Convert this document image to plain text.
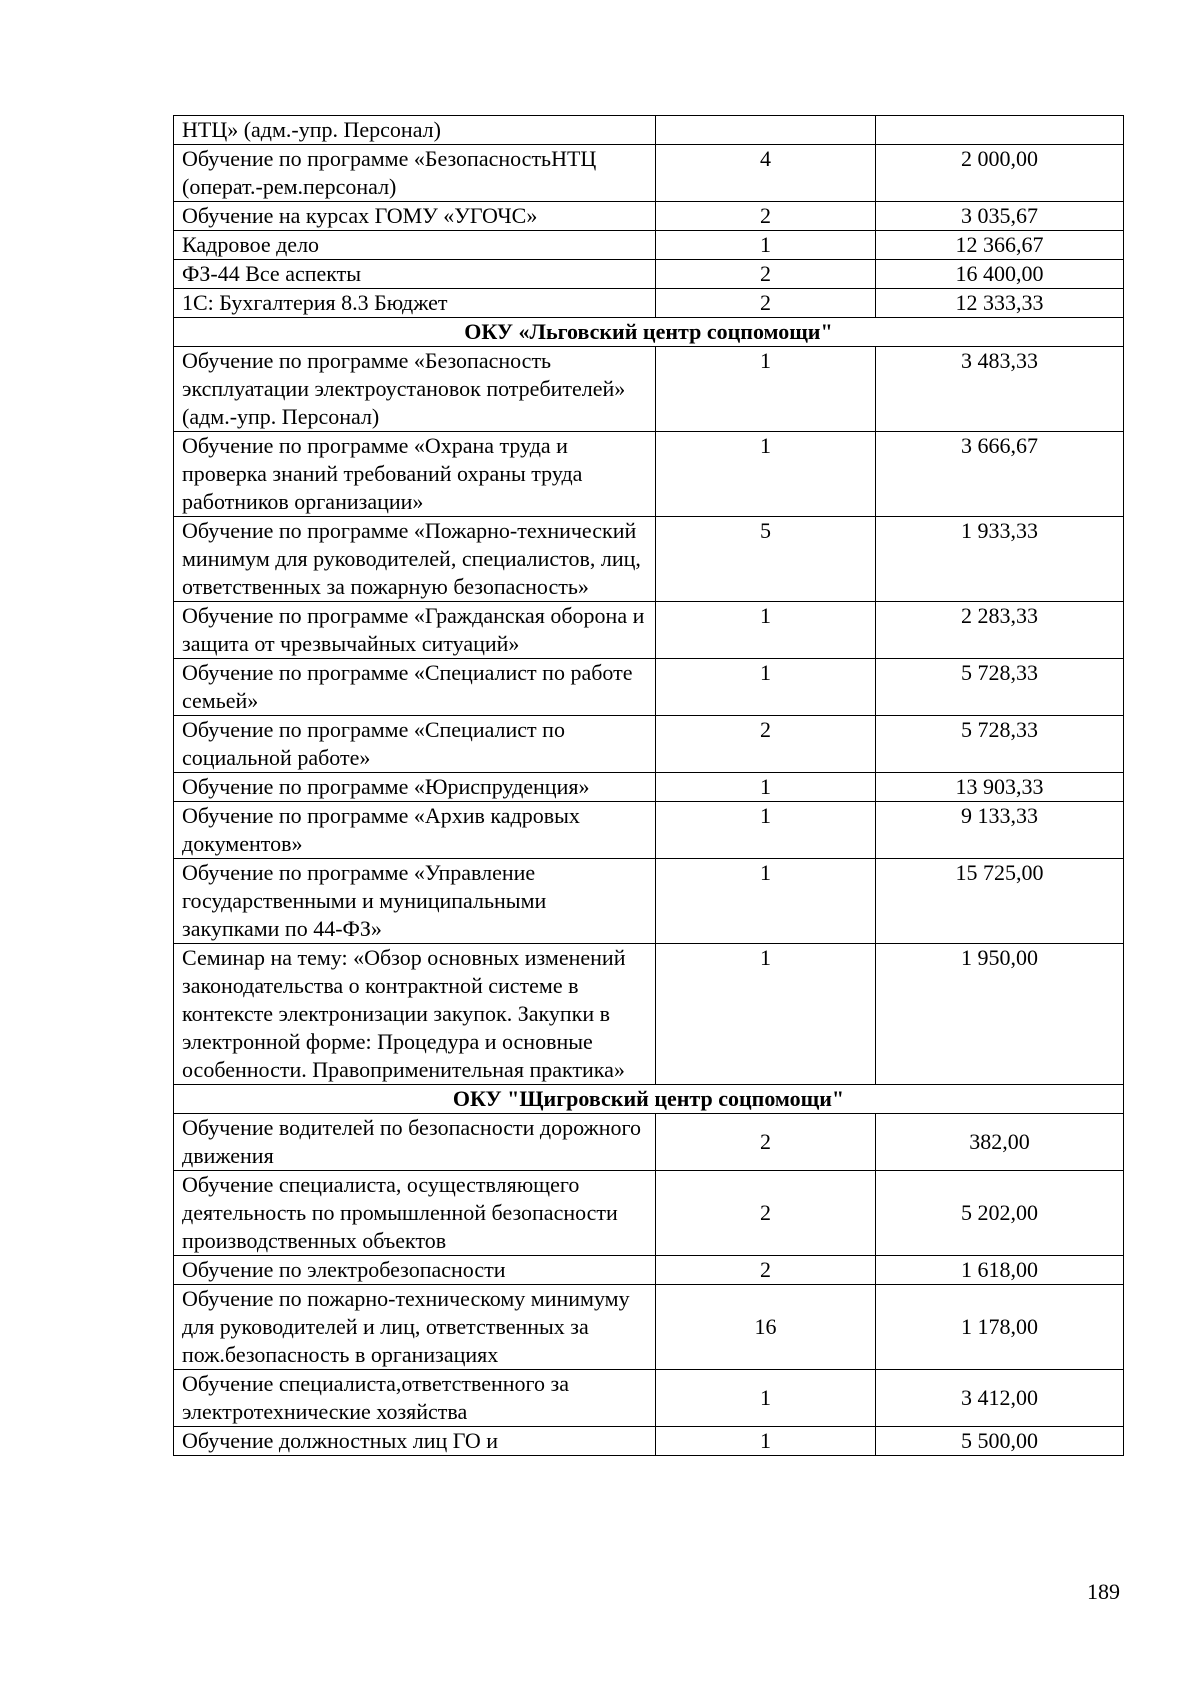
НТЦ» (адм.-упр. Персонал)		
Обучение по программе «БезопасностьНТЦ (операт.-рем.персонал)	4	2 000,00
Обучение на курсах ГОМУ «УГОЧС»	2	3 035,67
Кадровое дело	1	12 366,67
ФЗ-44 Все аспекты	2	16 400,00
1С: Бухгалтерия 8.3 Бюджет	2	12 333,33
ОКУ «Льговский центр соцпомощи"		
Обучение по программе «Безопасность эксплуатации электроустановок потребителей» (адм.-упр. Персонал)	1	3 483,33
Обучение по программе «Охрана труда и проверка знаний требований охраны труда работников организации»	1	3 666,67
Обучение по программе «Пожарно-технический минимум для руководителей, специалистов, лиц, ответственных за пожарную безопасность»	5	1 933,33
Обучение по программе «Гражданская оборона и защита от чрезвычайных ситуаций»	1	2 283,33
Обучение по программе «Специалист по работе семьей»	1	5 728,33
Обучение по программе «Специалист по социальной работе»	2	5 728,33
Обучение по программе «Юриспруденция»	1	13 903,33
Обучение по программе «Архив кадровых документов»	1	9 133,33
Обучение по программе «Управление государственными и муниципальными закупками по 44-ФЗ»	1	15 725,00
Семинар на тему: «Обзор основных изменений законодательства о контрактной системе в контексте электронизации закупок. Закупки в электронной форме: Процедура и основные особенности. Правоприменительная практика»	1	1 950,00
ОКУ "Щигровский центр соцпомощи"		
Обучение водителей по безопасности дорожного движения	2	382,00
Обучение специалиста, осуществляющего деятельность по промышленной безопасности производственных объектов	2	5 202,00
Обучение по электробезопасности	2	1 618,00
Обучение по пожарно-техническому минимуму для руководителей и лиц, ответственных за пож.безопасность в организациях	16	1 178,00
Обучение специалиста,ответственного за электротехнические хозяйства	1	3 412,00
Обучение должностных лиц ГО и	1	5 500,00
189
